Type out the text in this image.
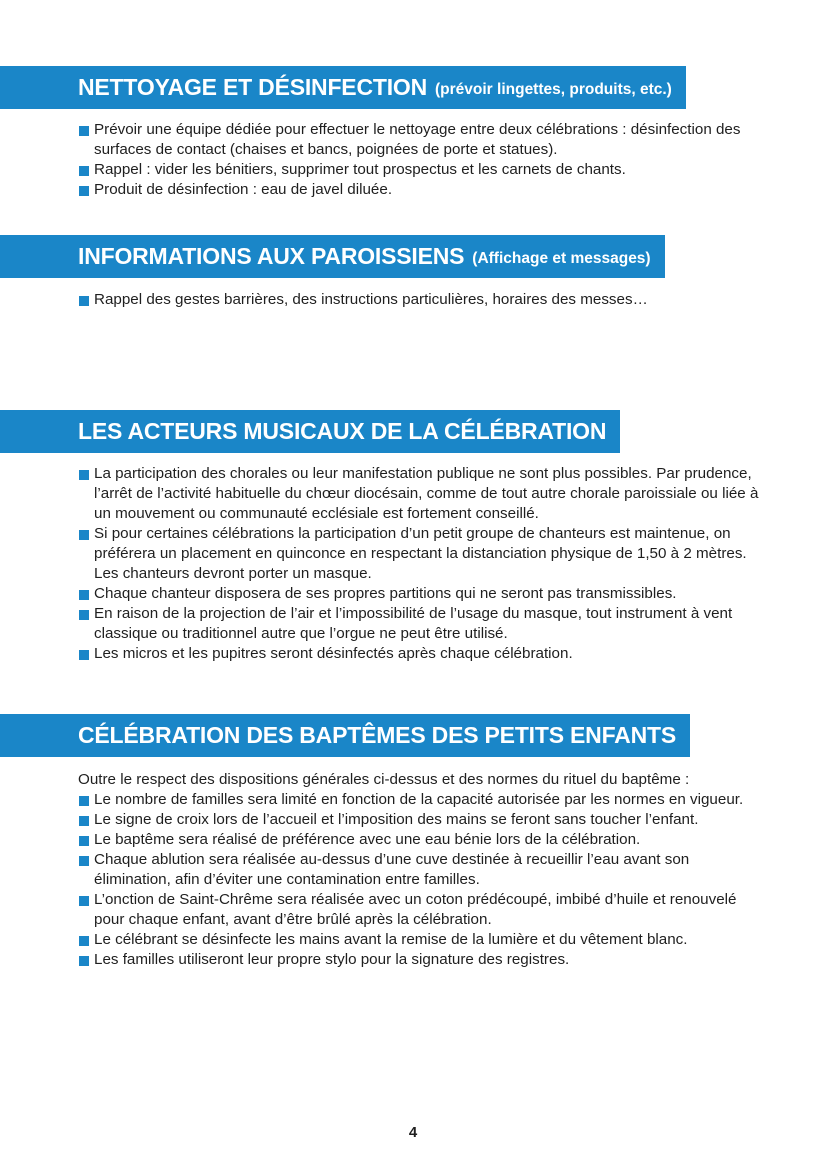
NETTOYAGE ET DÉSINFECTION (prévoir lingettes, produits, etc.)
Prévoir une équipe dédiée pour effectuer le nettoyage entre deux célébrations : désinfection des surfaces de contact (chaises et bancs, poignées de porte et statues).
Rappel : vider les bénitiers, supprimer tout prospectus et les carnets de chants.
Produit de désinfection : eau de javel diluée.
INFORMATIONS AUX PAROISSIENS (Affichage et messages)
Rappel des gestes barrières, des instructions particulières, horaires des messes…
LES ACTEURS MUSICAUX DE LA CÉLÉBRATION
La participation des chorales ou leur manifestation publique ne sont plus possibles. Par prudence, l’arrêt de l’activité habituelle du chœur diocésain, comme de tout autre chorale paroissiale ou liée à un mouvement ou communauté ecclésiale est fortement conseillé.
Si pour certaines célébrations la participation d’un petit groupe de chanteurs est maintenue, on préférera un placement en quinconce en respectant la distanciation physique de 1,50 à 2 mètres. Les chanteurs devront porter un masque.
Chaque chanteur disposera de ses propres partitions qui ne seront pas transmissibles.
En raison de la projection de l’air et l’impossibilité de l’usage du masque, tout instrument à vent classique ou traditionnel autre que l’orgue ne peut être utilisé.
Les micros et les pupitres seront désinfectés après chaque célébration.
CÉLÉBRATION DES BAPTÊMES DES PETITS ENFANTS

Outre le respect des dispositions générales ci-dessus et des normes du rituel du baptême :

Le nombre de familles sera limité en fonction de la capacité autorisée par les normes en vigueur.
Le signe de croix lors de l’accueil et l’imposition des mains se feront sans toucher l’enfant.
Le baptême sera réalisé de préférence avec une eau bénie lors de la célébration.
Chaque ablution sera réalisée au-dessus d’une cuve destinée à recueillir l’eau avant son élimination, afin d’éviter une contamination entre familles.
L’onction de Saint-Chrême sera réalisée avec un coton prédécoupé, imbibé d’huile et renouvelé pour chaque enfant, avant d’être brûlé après la célébration.
Le célébrant se désinfecte les mains avant la remise de la lumière et du vêtement blanc.
Les familles utiliseront leur propre stylo pour la signature des registres.
4
